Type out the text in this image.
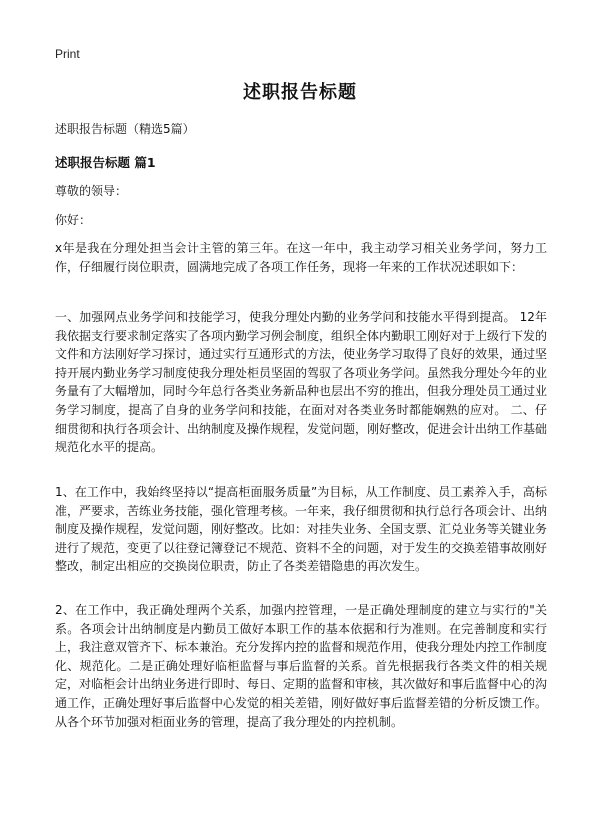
Print
述职报告标题
述职报告标题（精选5篇）
述职报告标题 篇1
尊敬的领导：
你好：

x年是我在分理处担当会计主管的第三年。在这一年中，我主动学习相关业务学问，努力工作，仔细履行岗位职责，圆满地完成了各项工作任务，现将一年来的工作状况述职如下：

一、加强网点业务学问和技能学习，使我分理处内勤的业务学问和技能水平得到提高。 12年我依据支行要求制定落实了各项内勤学习例会制度，组织全体内勤职工刚好对于上级行下发的文件和方法刚好学习探讨，通过实行互通形式的方法，使业务学习取得了良好的效果，通过坚持开展内勤业务学习制度使我分理处柜员坚固的驾驭了各项业务学问。虽然我分理处今年的业务量有了大幅增加，同时今年总行各类业务新品种也层出不穷的推出，但我分理处员工通过业务学习制度，提高了自身的业务学问和技能，在面对对各类业务时都能娴熟的应对。 二、仔细贯彻和执行各项会计、出纳制度及操作规程，发觉问题，刚好整改，促进会计出纳工作基础规范化水平的提高。

1、在工作中，我始终坚持以“提高柜面服务质量”为目标，从工作制度、员工素养入手，高标准，严要求，苦练业务技能，强化管理考核。一年来，我仔细贯彻和执行总行各项会计、出纳制度及操作规程，发觉问题，刚好整改。比如：对挂失业务、全国支票、汇兑业务等关键业务进行了规范，变更了以往登记簿登记不规范、资料不全的问题，对于发生的交换差错事故刚好整改，制定出相应的交换岗位职责，防止了各类差错隐患的再次发生。

2、在工作中，我正确处理两个关系，加强内控管理，一是正确处理制度的建立与实行的"关系。各项会计出纳制度是内勤员工做好本职工作的基本依据和行为准则。在完善制度和实行上，我注意双管齐下、标本兼治。充分发挥内控的监督和规范作用，使我分理处内控工作制度化、规范化。二是正确处理好临柜监督与事后监督的关系。首先根据我行各类文件的相关规定，对临柜会计出纳业务进行即时、每日、定期的监督和审核，其次做好和事后监督中心的沟通工作，正确处理好事后监督中心发觉的相关差错，刚好做好事后监督差错的分析反馈工作。从各个环节加强对柜面业务的管理，提高了我分理处的内控机制。
